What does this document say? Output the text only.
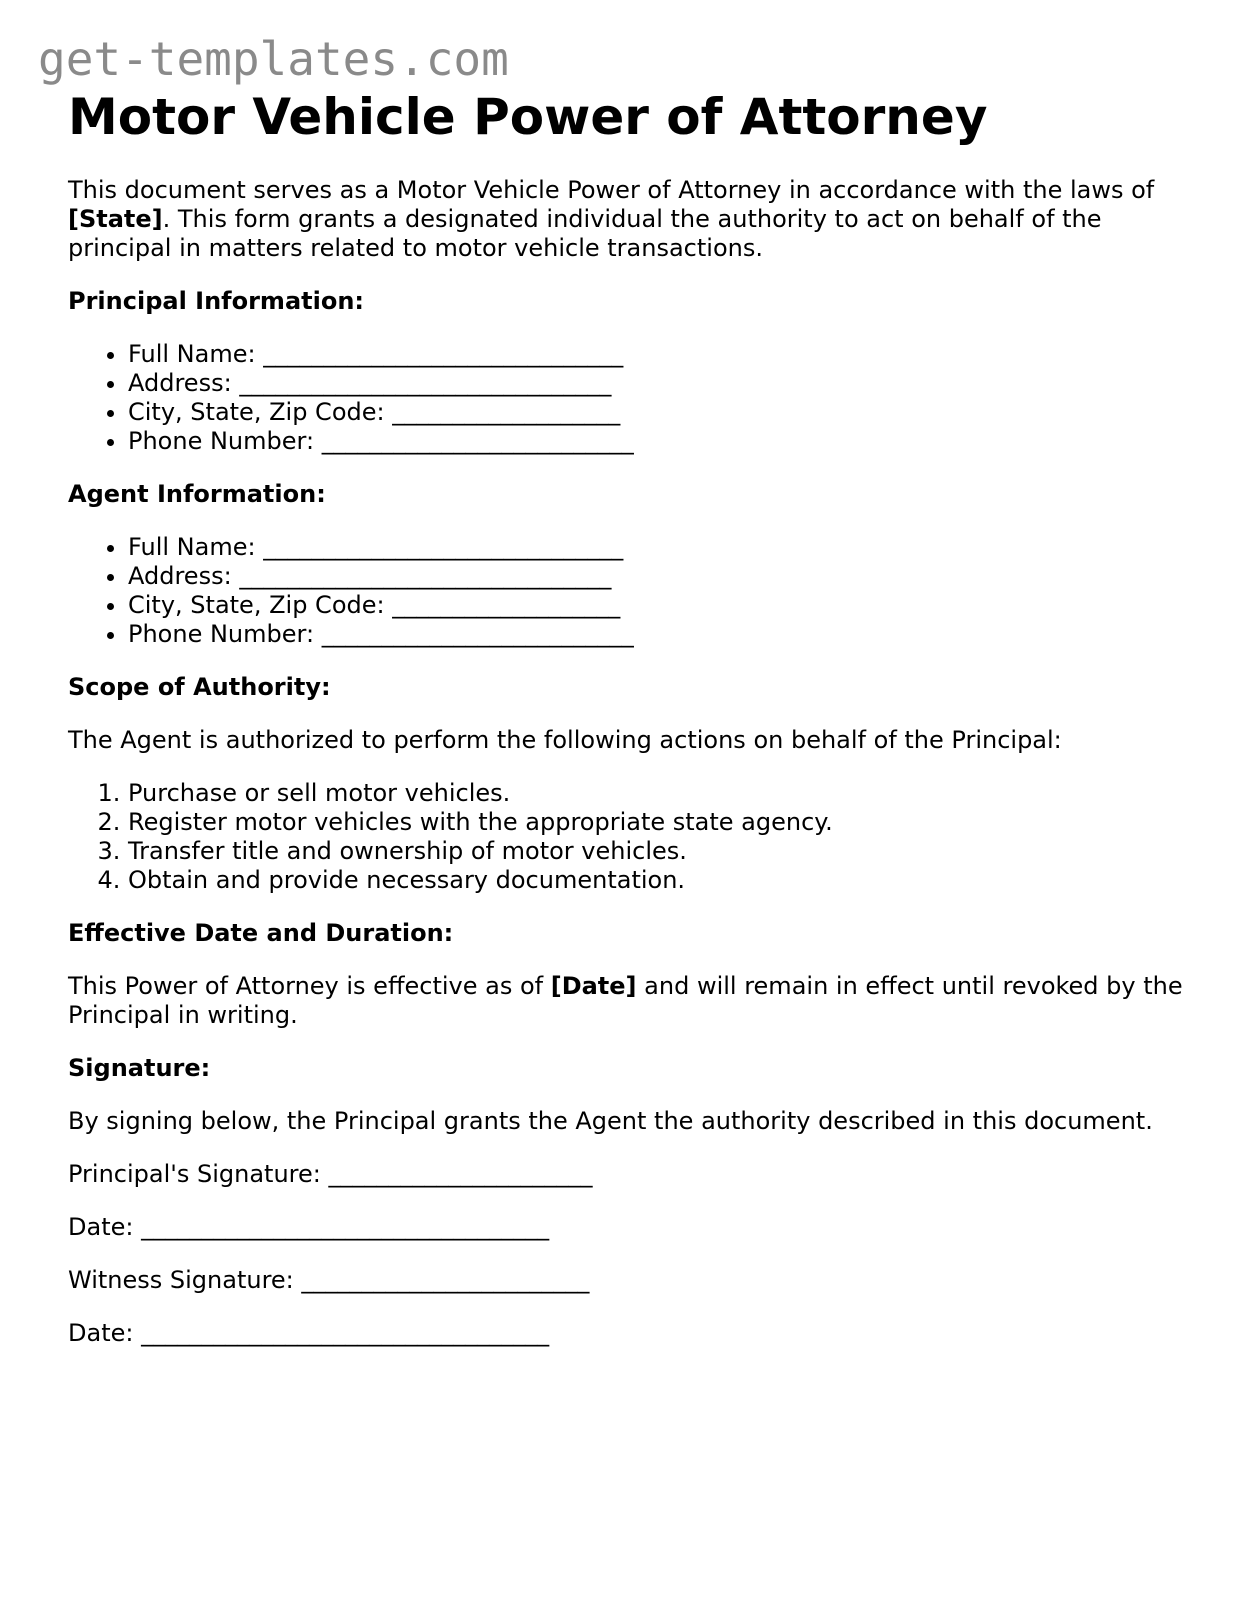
get-templates.com
Motor Vehicle Power of Attorney

This document serves as a Motor Vehicle Power of Attorney in accordance with the laws of [State]. This form grants a designated individual the authority to act on behalf of the principal in matters related to motor vehicle transactions.

Principal Information:
• Full Name: ______________________________
• Address: _______________________________
• City, State, Zip Code: ___________________
• Phone Number: __________________________
Agent Information:
• Full Name: ______________________________
• Address: _______________________________
• City, State, Zip Code: ___________________
• Phone Number: __________________________
Scope of Authority:

The Agent is authorized to perform the following actions on behalf of the Principal:

1. Purchase or sell motor vehicles.
2. Register motor vehicles with the appropriate state agency.
3. Transfer title and ownership of motor vehicles.
4. Obtain and provide necessary documentation.
Effective Date and Duration:

This Power of Attorney is effective as of [Date] and will remain in effect until revoked by the Principal in writing.

Signature:

By signing below, the Principal grants the Agent the authority described in this document.

Principal's Signature: ______________________

Date: __________________________________

Witness Signature: ________________________

Date: __________________________________
